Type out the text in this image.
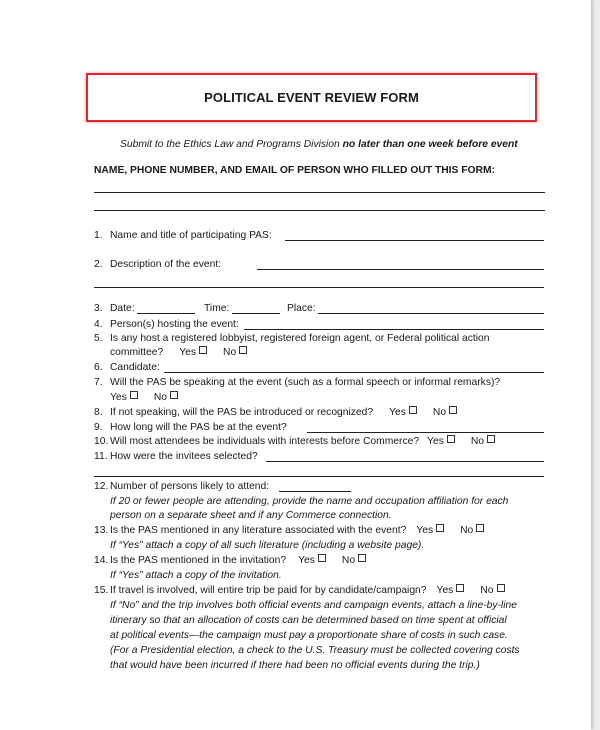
POLITICAL EVENT REVIEW FORM
Submit to the Ethics Law and Programs Division no later than one week before event
NAME, PHONE NUMBER, AND EMAIL OF PERSON WHO FILLED OUT THIS FORM:
1. Name and title of participating PAS:
2. Description of the event:
3. Date:	Time:	Place:
4. Person(s) hosting the event:
5. Is any host a registered lobbyist, registered foreign agent, or Federal political action
committee? Yes	No
6. Candidate:
7. Will the PAS be speaking at the event (such as a formal speech or informal remarks)?
Yes	No
8. If not speaking, will the PAS be introduced or recognized? Yes	No
9. How long will the PAS be at the event?
10. Will most attendees be individuals with interests before Commerce? Yes	No
11. How were the invitees selected?
12. Number of persons likely to attend:
If 20 or fewer people are attending, provide the name and occupation affiliation for each
person on a separate sheet and if any Commerce connection.
13. Is the PAS mentioned in any literature associated with the event? Yes	No
If “Yes” attach a copy of all such literature (including a website page).
14. Is the PAS mentioned in the invitation? Yes	No
If “Yes” attach a copy of the invitation.
15. If travel is involved, will entire trip be paid for by candidate/campaign? Yes	No
If “No” and the trip involves both official events and campaign events, attach a line-by-line
itinerary so that an allocation of costs can be determined based on time spent at official
at political events—the campaign must pay a proportionate share of costs in such case.
(For a Presidential election, a check to the U.S. Treasury must be collected covering costs
that would have been incurred if there had been no official events during the trip.)
